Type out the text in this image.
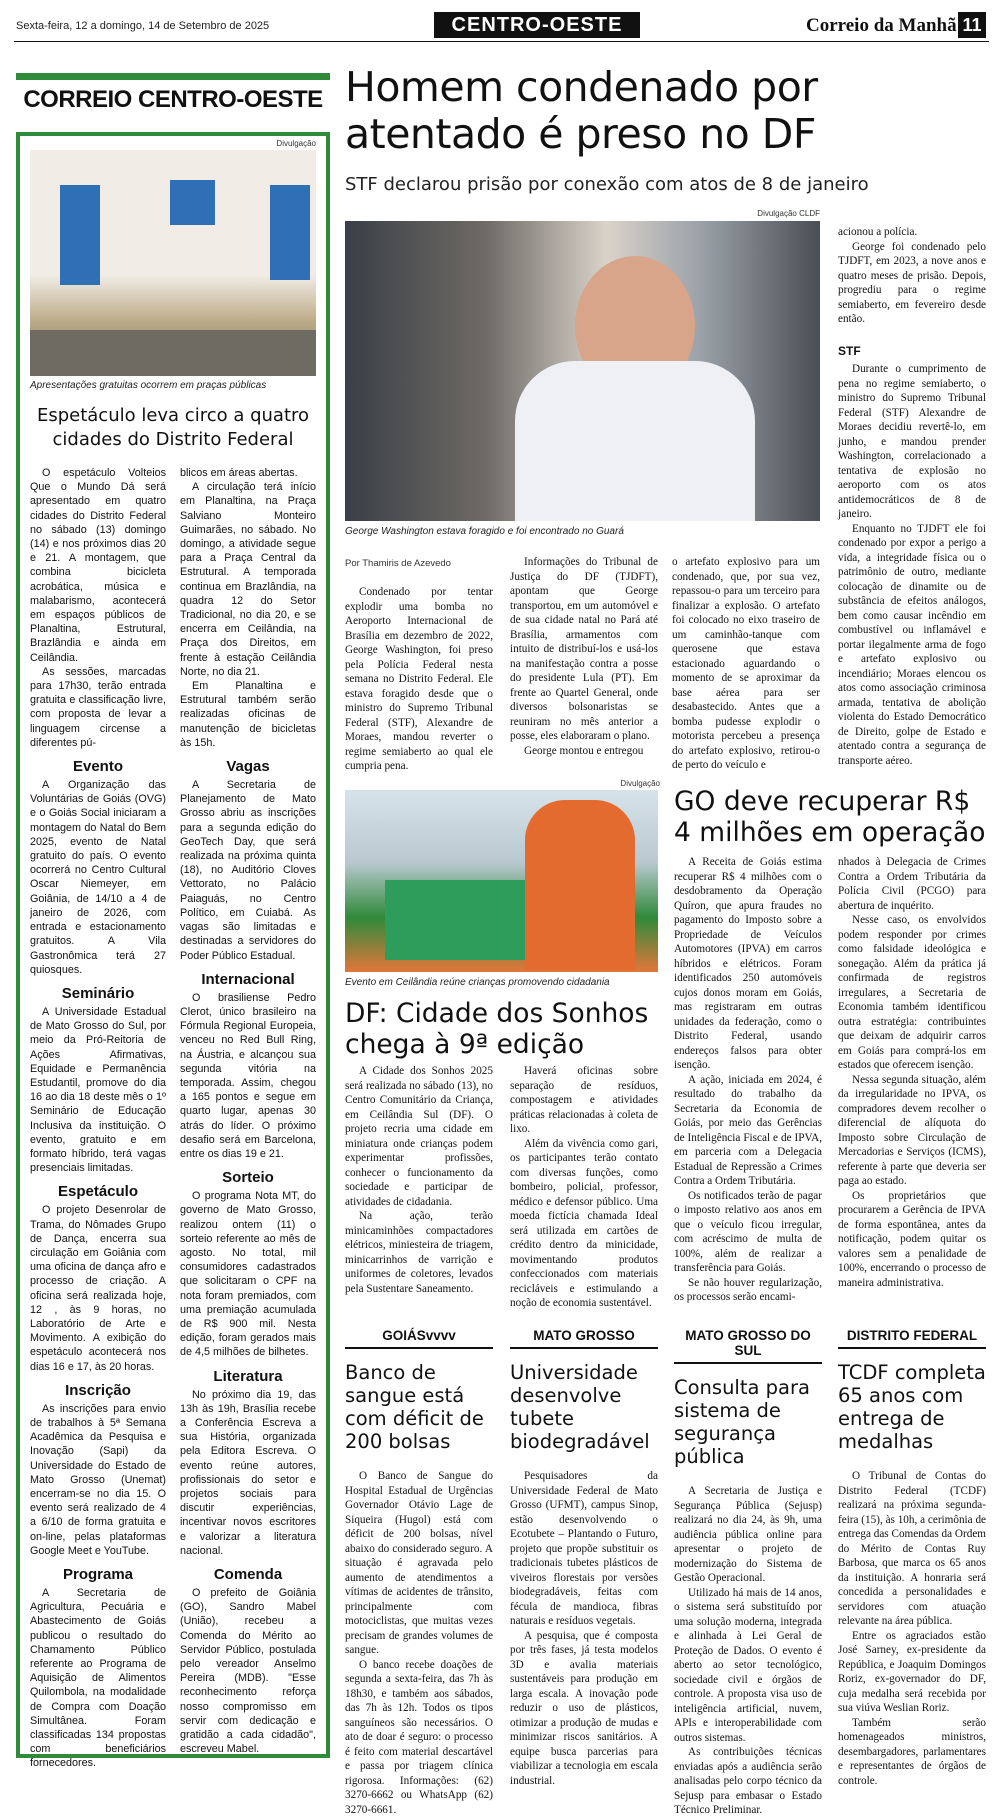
Sexta-feira, 12 a domingo, 14 de Setembro de 2025	CENTRO-OESTE	Correio da Manhã 11
CORREIO CENTRO-OESTE
Divulgação
Apresentações gratuitas ocorrem em praças públicas
Espetáculo leva circo a quatro cidades do Distrito Federal

O espetáculo Volteios Que o Mundo Dá será apresentado em quatro cidades do Distrito Federal no sábado (13) domingo (14) e nos próximos dias 20 e 21. A montagem, que combina bicicleta acrobática, música e malabarismo, acontecerá em espaços públicos de Planaltina, Estrutural, Brazlândia e ainda em Ceilândia.

As sessões, marcadas para 17h30, terão entrada gratuita e classificação livre, com proposta de levar a linguagem circense a diferentes pú-

Evento

A Organização das Voluntárias de Goiás (OVG) e o Goiás Social iniciaram a montagem do Natal do Bem 2025, evento de Natal gratuito do país. O evento ocorrerá no Centro Cultural Oscar Niemeyer, em Goiânia, de 14/10 a 4 de janeiro de 2026, com entrada e estacionamento gratuitos. A Vila Gastronômica terá 27 quiosques.

Seminário

A Universidade Estadual de Mato Grosso do Sul, por meio da Pró-Reitoria de Ações Afirmativas, Equidade e Permanência Estudantil, promove do dia 16 ao dia 18 deste mês o 1º Seminário de Educação Inclusiva da instituição. O evento, gratuito e em formato híbrido, terá vagas presenciais limitadas.

Espetáculo

O projeto Desenrolar de Trama, do Nômades Grupo de Dança, encerra sua circulação em Goiânia com uma oficina de dança afro e processo de criação. A oficina será realizada hoje, 12 , às 9 horas, no Laboratório de Arte e Movimento. A exibição do espetáculo acontecerá nos dias 16 e 17, às 20 horas.

Inscrição

As inscrições para envio de trabalhos à 5ª Semana Acadêmica da Pesquisa e Inovação (Sapi) da Universidade do Estado de Mato Grosso (Unemat) encerram-se no dia 15. O evento será realizado de 4 a 6/10 de forma gratuita e on-line, pelas plataformas Google Meet e YouTube.

Programa

A Secretaria de Agricultura, Pecuária e Abastecimento de Goiás publicou o resultado do Chamamento Público referente ao Programa de Aquisição de Alimentos Quilombola, na modalidade de Compra com Doação Simultânea. Foram classificadas 134 propostas com beneficiários fornecedores.

blicos em áreas abertas.

A circulação terá início em Planaltina, na Praça Salviano Monteiro Guimarães, no sábado. No domingo, a atividade segue para a Praça Central da Estrutural. A temporada continua em Brazlândia, na quadra 12 do Setor Tradicional, no dia 20, e se encerra em Ceilândia, na Praça dos Direitos, em frente à estação Ceilândia Norte, no dia 21.

Em Planaltina e Estrutural também serão realizadas oficinas de manutenção de bicicletas às 15h.

Vagas

A Secretaria de Planejamento de Mato Grosso abriu as inscrições para a segunda edição do GeoTech Day, que será realizada na próxima quinta (18), no Auditório Cloves Vettorato, no Palácio Paiaguás, no Centro Político, em Cuiabá. As vagas são limitadas e destinadas a servidores do Poder Público Estadual.

Internacional

O brasiliense Pedro Clerot, único brasileiro na Fórmula Regional Europeia, venceu no Red Bull Ring, na Áustria, e alcançou sua segunda vitória na temporada. Assim, chegou a 165 pontos e segue em quarto lugar, apenas 30 atrás do líder. O próximo desafio será em Barcelona, entre os dias 19 e 21.

Sorteio

O programa Nota MT, do governo de Mato Grosso, realizou ontem (11) o sorteio referente ao mês de agosto. No total, mil consumidores cadastrados que solicitaram o CPF na nota foram premiados, com uma premiação acumulada de R$ 900 mil. Nesta edição, foram gerados mais de 4,5 milhões de bilhetes.

Literatura

No próximo dia 19, das 13h às 19h, Brasília recebe a Conferência Escreva a sua História, organizada pela Editora Escreva. O evento reúne autores, profissionais do setor e projetos sociais para discutir experiências, incentivar novos escritores e valorizar a literatura nacional.

Comenda

O prefeito de Goiânia (GO), Sandro Mabel (União), recebeu a Comenda do Mérito ao Servidor Público, postulada pelo vereador Anselmo Pereira (MDB). "Esse reconhecimento reforça nosso compromisso em servir com dedicação e gratidão a cada cidadão", escreveu Mabel.

Homem condenado por atentado é preso no DF
STF declarou prisão por conexão com atos de 8 de janeiro
Divulgação CLDF
George Washington estava foragido e foi encontrado no Guará
Por Thamiris de Azevedo

Condenado por tentar explodir uma bomba no Aeroporto Internacional de Brasília em dezembro de 2022, George Washington, foi preso pela Polícia Federal nesta semana no Distrito Federal. Ele estava foragido desde que o ministro do Supremo Tribunal Federal (STF), Alexandre de Moraes, mandou reverter o regime semiaberto ao qual ele cumpria pena.

Informações do Tribunal de Justiça do DF (TJDFT), apontam que George transportou, em um automóvel e de sua cidade natal no Pará até Brasília, armamentos com intuito de distribuí-los e usá-los na manifestação contra a posse do presidente Lula (PT). Em frente ao Quartel General, onde diversos bolsonaristas se reuniram no mês anterior a posse, eles elaboraram o plano.

George montou e entregou

o artefato explosivo para um condenado, que, por sua vez, repassou-o para um terceiro para finalizar a explosão. O artefato foi colocado no eixo traseiro de um caminhão-tanque com querosene que estava estacionado aguardando o momento de se aproximar da base aérea para ser desabastecido. Antes que a bomba pudesse explodir o motorista percebeu a presença do artefato explosivo, retirou-o de perto do veículo e

acionou a polícia.

George foi condenado pelo TJDFT, em 2023, a nove anos e quatro meses de prisão. Depois, progrediu para o regime semiaberto, em fevereiro desde então.

STF

Durante o cumprimento de pena no regime semiaberto, o ministro do Supremo Tribunal Federal (STF) Alexandre de Moraes decidiu revertê-lo, em junho, e mandou prender Washington, correlacionado a tentativa de explosão no aeroporto com os atos antidemocráticos de 8 de janeiro.

Enquanto no TJDFT ele foi condenado por expor a perigo a vida, a integridade física ou o patrimônio de outro, mediante colocação de dinamite ou de substância de efeitos análogos, bem como causar incêndio em combustível ou inflamável e portar ilegalmente arma de fogo e artefato explosivo ou incendiário; Moraes elencou os atos como associação criminosa armada, tentativa de abolição violenta do Estado Democrático de Direito, golpe de Estado e atentado contra a segurança de transporte aéreo.

Divulgação
Evento em Ceilândia reúne crianças promovendo cidadania
DF: Cidade dos Sonhos chega à 9ª edição

A Cidade dos Sonhos 2025 será realizada no sábado (13), no Centro Comunitário da Criança, em Ceilândia Sul (DF). O projeto recria uma cidade em miniatura onde crianças podem experimentar profissões, conhecer o funcionamento da sociedade e participar de atividades de cidadania.

Na ação, terão minicaminhões compactadores elétricos, miniesteira de triagem, minicarrinhos de varrição e uniformes de coletores, levados pela Sustentare Saneamento.

Haverá oficinas sobre separação de resíduos, compostagem e atividades práticas relacionadas à coleta de lixo.

Além da vivência como gari, os participantes terão contato com diversas funções, como bombeiro, policial, professor, médico e defensor público. Uma moeda fictícia chamada Ideal será utilizada em cartões de crédito dentro da minicidade, movimentando produtos confeccionados com materiais recicláveis e estimulando a noção de economia sustentável.

GO deve recuperar R$ 4 milhões em operação

A Receita de Goiás estima recuperar R$ 4 milhões com o desdobramento da Operação Quíron, que apura fraudes no pagamento do Imposto sobre a Propriedade de Veículos Automotores (IPVA) em carros híbridos e elétricos. Foram identificados 250 automóveis cujos donos moram em Goiás, mas registraram em outras unidades da federação, como o Distrito Federal, usando endereços falsos para obter isenção.

A ação, iniciada em 2024, é resultado do trabalho da Secretaria da Economia de Goiás, por meio das Gerências de Inteligência Fiscal e de IPVA, em parceria com a Delegacia Estadual de Repressão a Crimes Contra a Ordem Tributária.

Os notificados terão de pagar o imposto relativo aos anos em que o veículo ficou irregular, com acréscimo de multa de 100%, além de realizar a transferência para Goiás.

Se não houver regularização, os processos serão encami-

nhados à Delegacia de Crimes Contra a Ordem Tributária da Polícia Civil (PCGO) para abertura de inquérito.

Nesse caso, os envolvidos podem responder por crimes como falsidade ideológica e sonegação. Além da prática já confirmada de registros irregulares, a Secretaria de Economia também identificou outra estratégia: contribuintes que deixam de adquirir carros em Goiás para comprá-los em estados que oferecem isenção.

Nessa segunda situação, além da irregularidade no IPVA, os compradores devem recolher o diferencial de alíquota do Imposto sobre Circulação de Mercadorias e Serviços (ICMS), referente à parte que deveria ser paga ao estado.

Os proprietários que procurarem a Gerência de IPVA de forma espontânea, antes da notificação, podem quitar os valores sem a penalidade de 100%, encerrando o processo de maneira administrativa.

GOIÁSvvvv
Banco de sangue está com déficit de 200 bolsas

O Banco de Sangue do Hospital Estadual de Urgências Governador Otávio Lage de Siqueira (Hugol) está com déficit de 200 bolsas, nível abaixo do considerado seguro. A situação é agravada pelo aumento de atendimentos a vítimas de acidentes de trânsito, principalmente com motociclistas, que muitas vezes precisam de grandes volumes de sangue.

O banco recebe doações de segunda a sexta-feira, das 7h às 18h30, e também aos sábados, das 7h às 12h. Todos os tipos sanguíneos são necessários. O ato de doar é seguro: o processo é feito com material descartável e passa por triagem clínica rigorosa. Informações: (62) 3270-6662 ou WhatsApp (62) 3270-6661.

MATO GROSSO
Universidade desenvolve tubete biodegradável

Pesquisadores da Universidade Federal de Mato Grosso (UFMT), campus Sinop, estão desenvolvendo o Ecotubete – Plantando o Futuro, projeto que propõe substituir os tradicionais tubetes plásticos de viveiros florestais por versões biodegradáveis, feitas com fécula de mandioca, fibras naturais e resíduos vegetais.

A pesquisa, que é composta por três fases, já testa modelos 3D e avalia materiais sustentáveis para produção em larga escala. A inovação pode reduzir o uso de plásticos, otimizar a produção de mudas e minimizar riscos sanitários. A equipe busca parcerias para viabilizar a tecnologia em escala industrial.

MATO GROSSO DO SUL
Consulta para sistema de segurança pública

A Secretaria de Justiça e Segurança Pública (Sejusp) realizará no dia 24, às 9h, uma audiência pública online para apresentar o projeto de modernização do Sistema de Gestão Operacional.

Utilizado há mais de 14 anos, o sistema será substituído por uma solução moderna, integrada e alinhada à Lei Geral de Proteção de Dados. O evento é aberto ao setor tecnológico, sociedade civil e órgãos de controle. A proposta visa uso de inteligência artificial, nuvem, APIs e interoperabilidade com outros sistemas.

As contribuições técnicas enviadas após a audiência serão analisadas pelo corpo técnico da Sejusp para embasar o Estado Técnico Preliminar.

DISTRITO FEDERAL
TCDF completa 65 anos com entrega de medalhas

O Tribunal de Contas do Distrito Federal (TCDF) realizará na próxima segunda-feira (15), às 10h, a cerimônia de entrega das Comendas da Ordem do Mérito de Contas Ruy Barbosa, que marca os 65 anos da instituição. A honraria será concedida a personalidades e servidores com atuação relevante na área pública.

Entre os agraciados estão José Sarney, ex-presidente da República, e Joaquim Domingos Roriz, ex-governador do DF, cuja medalha será recebida por sua viúva Weslian Roriz.

Também serão homenageados ministros, desembargadores, parlamentares e representantes de órgãos de controle.
